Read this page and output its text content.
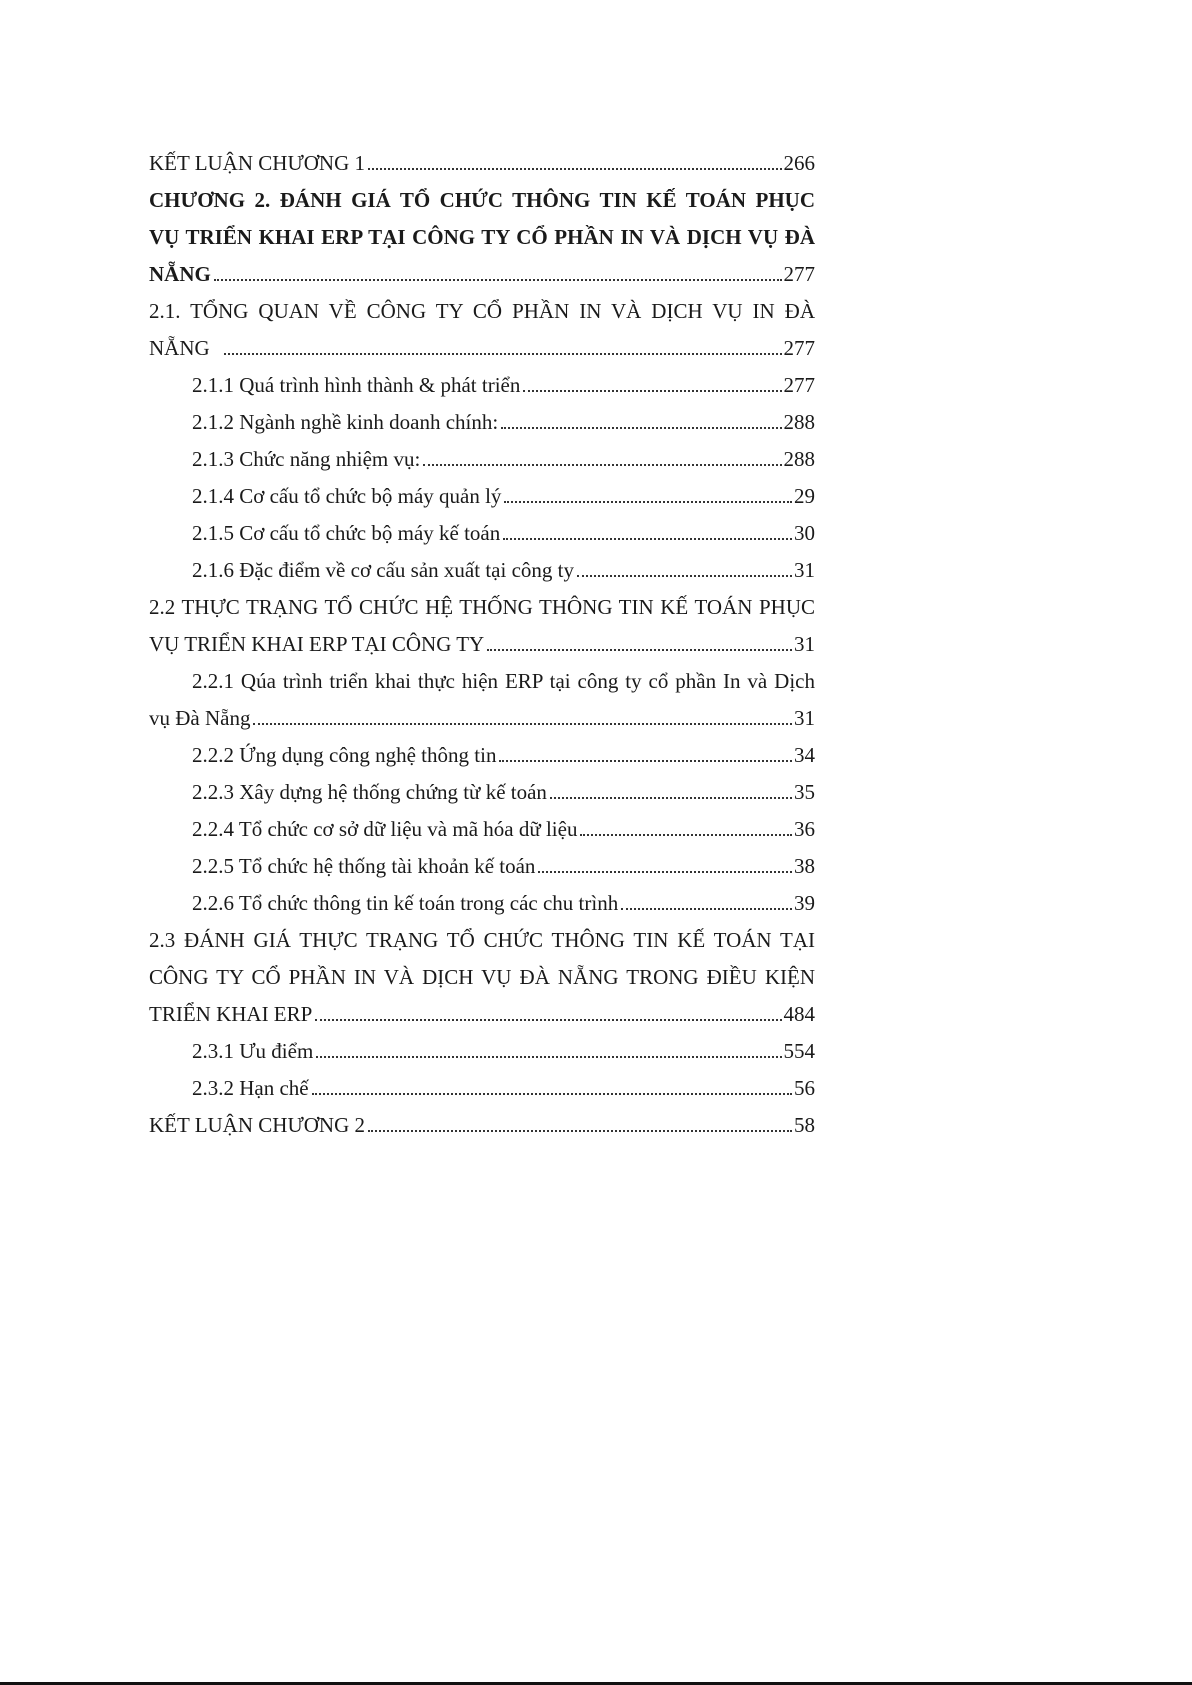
KẾT LUẬN CHƯƠNG 1	266
CHƯƠNG 2. ĐÁNH GIÁ TỔ CHỨC THÔNG TIN KẾ TOÁN PHỤC
VỤ TRIỂN KHAI ERP TẠI CÔNG TY CỔ PHẦN IN VÀ DỊCH VỤ ĐÀ
NẴNG	277
2.1. TỔNG QUAN VỀ CÔNG TY CỔ PHẦN IN VÀ DỊCH VỤ IN ĐÀ
NẴNG	277
2.1.1 Quá trình hình thành & phát triển	277
2.1.2 Ngành nghề kinh doanh chính:	288
2.1.3 Chức năng nhiệm vụ:	288
2.1.4 Cơ cấu tổ chức bộ máy quản lý	29
2.1.5 Cơ cấu tổ chức bộ máy kế toán	30
2.1.6 Đặc điểm về cơ cấu sản xuất tại công ty	31
2.2 THỰC TRẠNG TỔ CHỨC HỆ THỐNG THÔNG TIN KẾ TOÁN PHỤC
VỤ TRIỂN KHAI ERP TẠI CÔNG TY	31
2.2.1 Qúa trình triển khai thực hiện ERP tại công ty cổ phần In và Dịch
vụ Đà Nẵng	31
2.2.2 Ứng dụng công nghệ thông tin	34
2.2.3 Xây dựng hệ thống chứng từ kế toán	35
2.2.4 Tổ chức cơ sở dữ liệu và mã hóa dữ liệu	36
2.2.5 Tổ chức hệ thống tài khoản kế toán	38
2.2.6 Tổ chức thông tin kế toán trong các chu trình	39
2.3 ĐÁNH GIÁ THỰC TRẠNG TỔ CHỨC THÔNG TIN KẾ TOÁN TẠI
CÔNG TY CỔ PHẦN IN VÀ DỊCH VỤ ĐÀ NẴNG TRONG ĐIỀU KIỆN
TRIỂN KHAI ERP	484
2.3.1 Ưu điểm	554
2.3.2 Hạn chế	56
KẾT LUẬN CHƯƠNG 2	58
